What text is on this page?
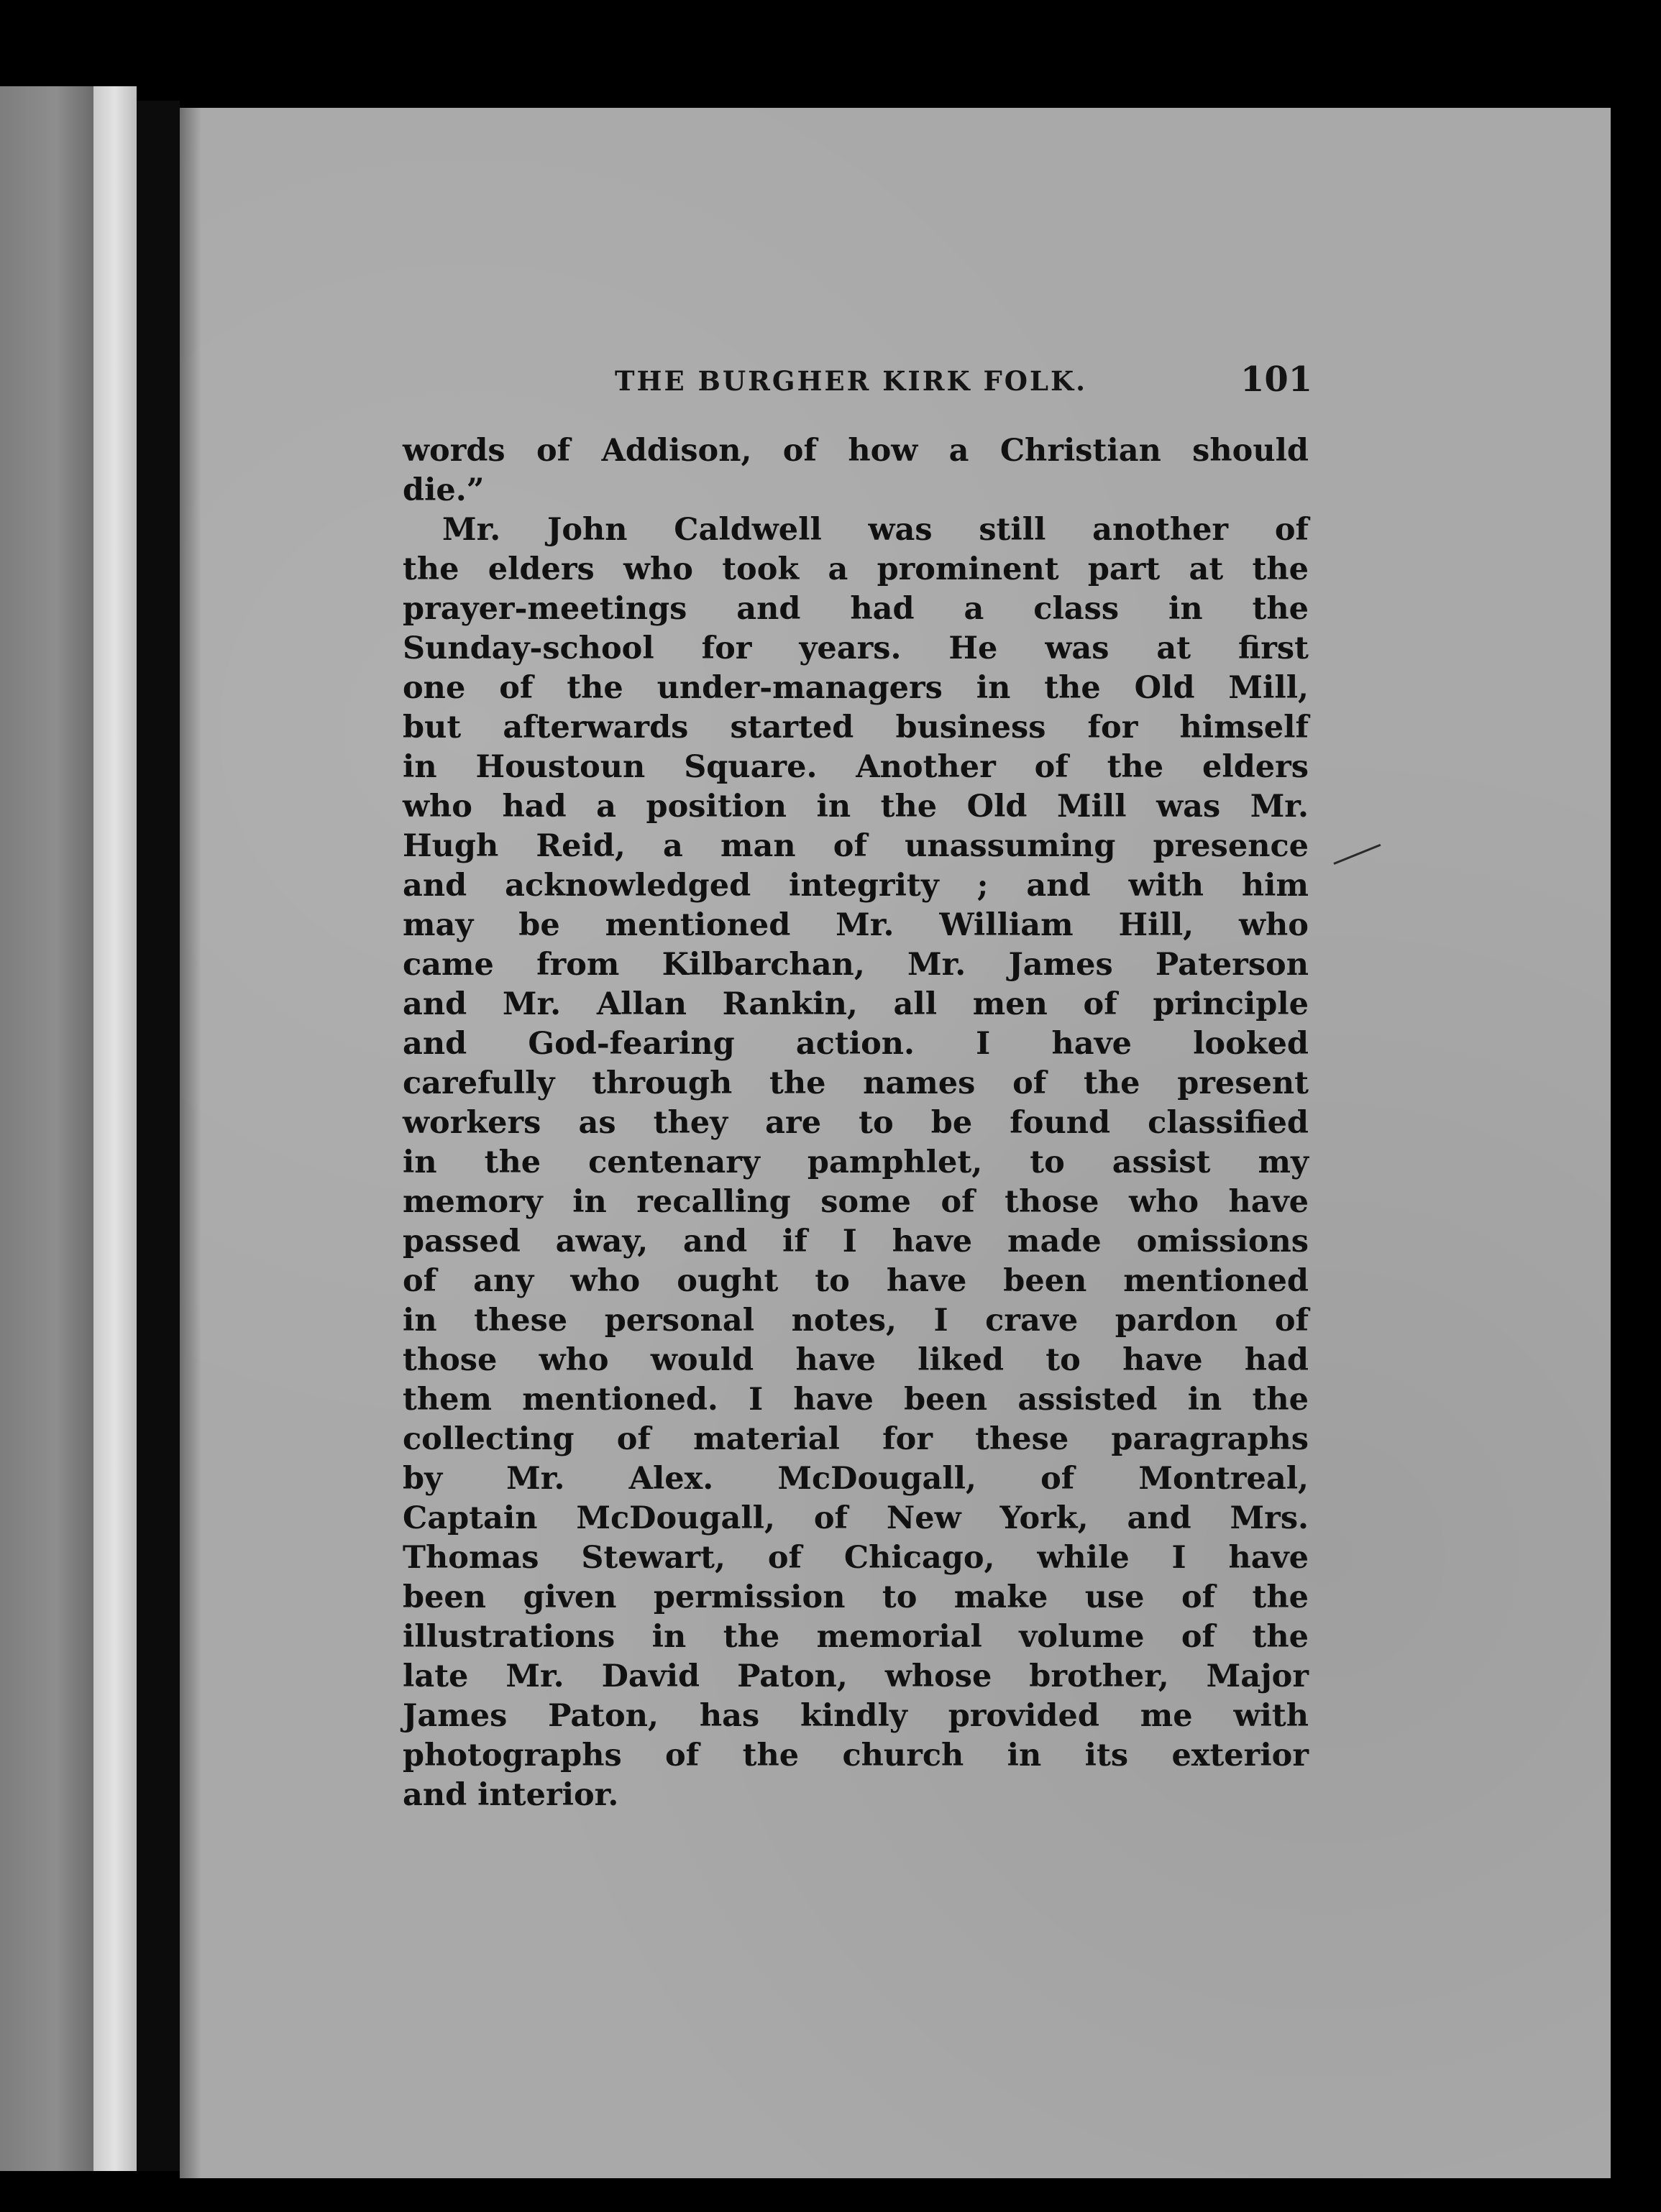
THE BURGHER KIRK FOLK.	101
words of Addison, of how a Christian should
die.”
Mr. John Caldwell was still another of
the elders who took a prominent part at the
prayer-meetings and had a class in the
Sunday-school for years. He was at first
one of the under-managers in the Old Mill,
but afterwards started business for himself
in Houstoun Square. Another of the elders
who had a position in the Old Mill was Mr.
Hugh Reid, a man of unassuming presence
and acknowledged integrity ; and with him
may be mentioned Mr. William Hill, who
came from Kilbarchan, Mr. James Paterson
and Mr. Allan Rankin, all men of principle
and God-fearing action. I have looked
carefully through the names of the present
workers as they are to be found classified
in the centenary pamphlet, to assist my
memory in recalling some of those who have
passed away, and if I have made omissions
of any who ought to have been mentioned
in these personal notes, I crave pardon of
those who would have liked to have had
them mentioned. I have been assisted in the
collecting of material for these paragraphs
by Mr. Alex. McDougall, of Montreal,
Captain McDougall, of New York, and Mrs.
Thomas Stewart, of Chicago, while I have
been given permission to make use of the
illustrations in the memorial volume of the
late Mr. David Paton, whose brother, Major
James Paton, has kindly provided me with
photographs of the church in its exterior
and interior.
